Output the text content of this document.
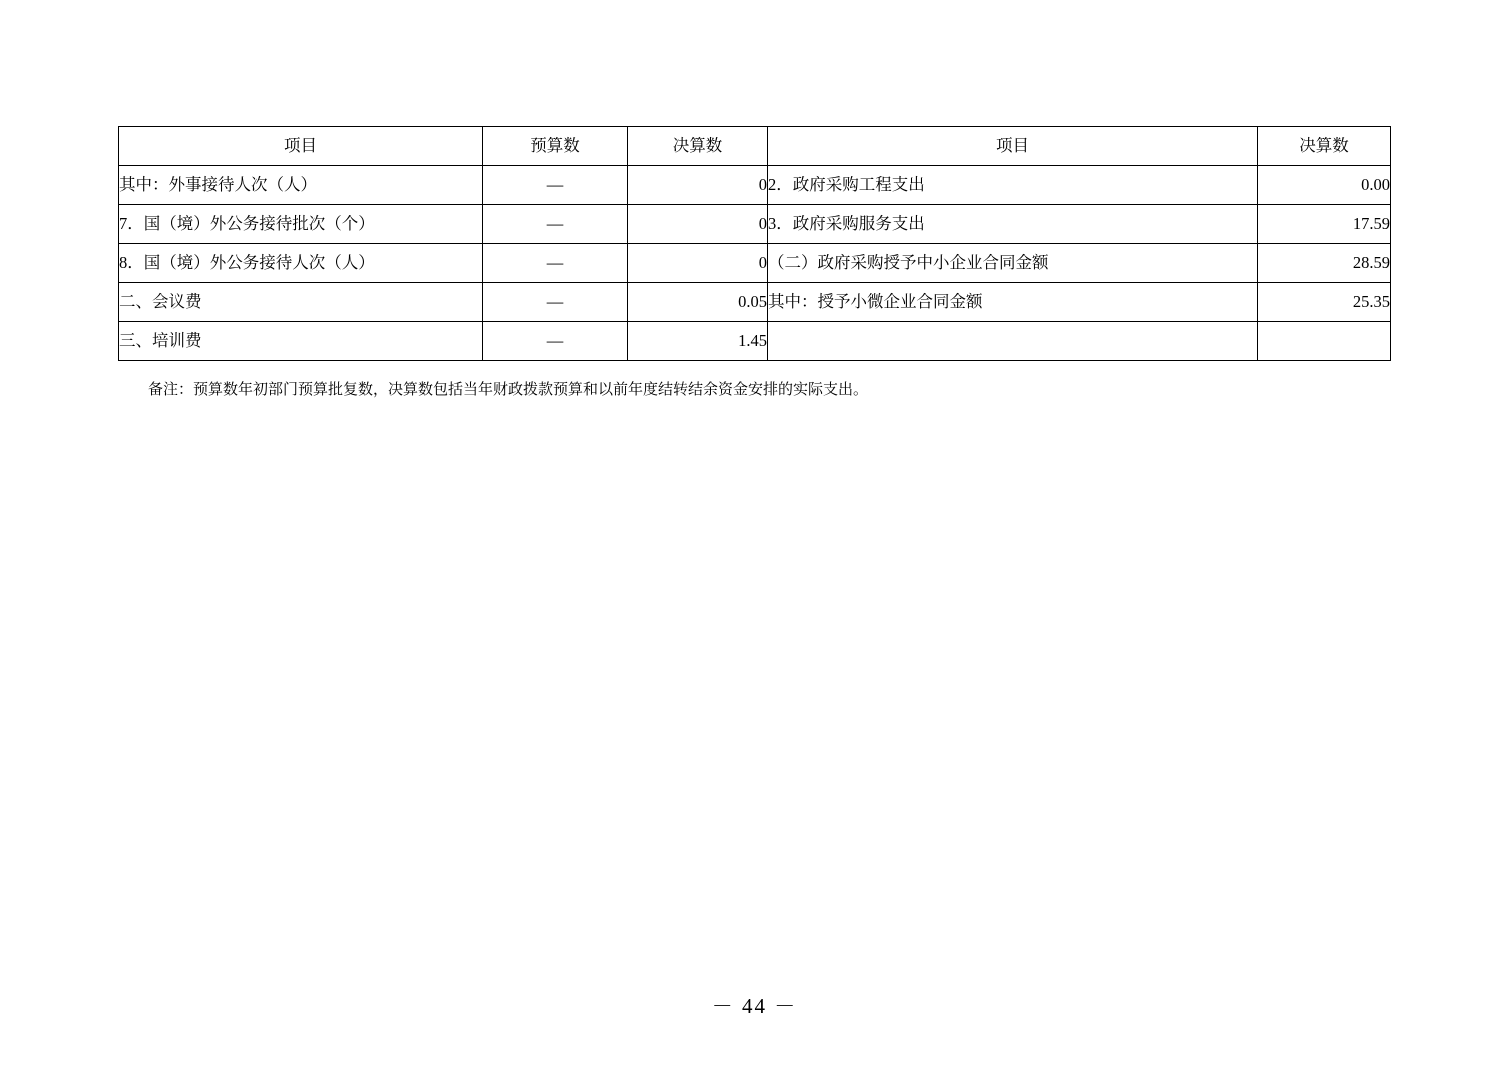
项目	预算数	决算数	项目	决算数
其中：外事接待人次（人）	—	0	2．政府采购工程支出	0.00
7．国（境）外公务接待批次（个）	—	0	3．政府采购服务支出	17.59
8．国（境）外公务接待人次（人）	—	0	（二）政府采购授予中小企业合同金额	28.59
二、会议费	—	0.05	其中：授予小微企业合同金额	25.35
三、培训费	—	1.45		
备注：预算数年初部门预算批复数，决算数包括当年财政拨款预算和以前年度结转结余资金安排的实际支出。
－ 44 －
